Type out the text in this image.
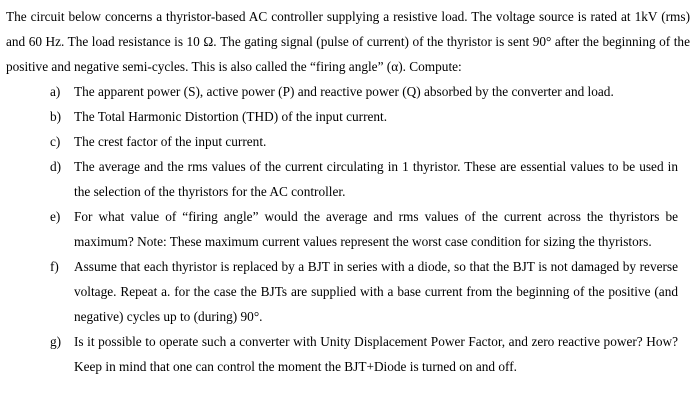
The circuit below concerns a thyristor-based AC controller supplying a resistive load. The voltage source is rated at 1kV (rms) and 60 Hz. The load resistance is 10 Ω. The gating signal (pulse of current) of the thyristor is sent 90° after the beginning of the positive and negative semi-cycles. This is also called the “firing angle” (α). Compute:

a) The apparent power (S), active power (P) and reactive power (Q) absorbed by the converter and load.
b) The Total Harmonic Distortion (THD) of the input current.
c) The crest factor of the input current.
d) The average and the rms values of the current circulating in 1 thyristor. These are essential values to be used in the selection of the thyristors for the AC controller.
e) For what value of “firing angle” would the average and rms values of the current across the thyristors be maximum? Note: These maximum current values represent the worst case condition for sizing the thyristors.
f) Assume that each thyristor is replaced by a BJT in series with a diode, so that the BJT is not damaged by reverse voltage. Repeat a. for the case the BJTs are supplied with a base current from the beginning of the positive (and negative) cycles up to (during) 90°.
g) Is it possible to operate such a converter with Unity Displacement Power Factor, and zero reactive power? How? Keep in mind that one can control the moment the BJT+Diode is turned on and off.
